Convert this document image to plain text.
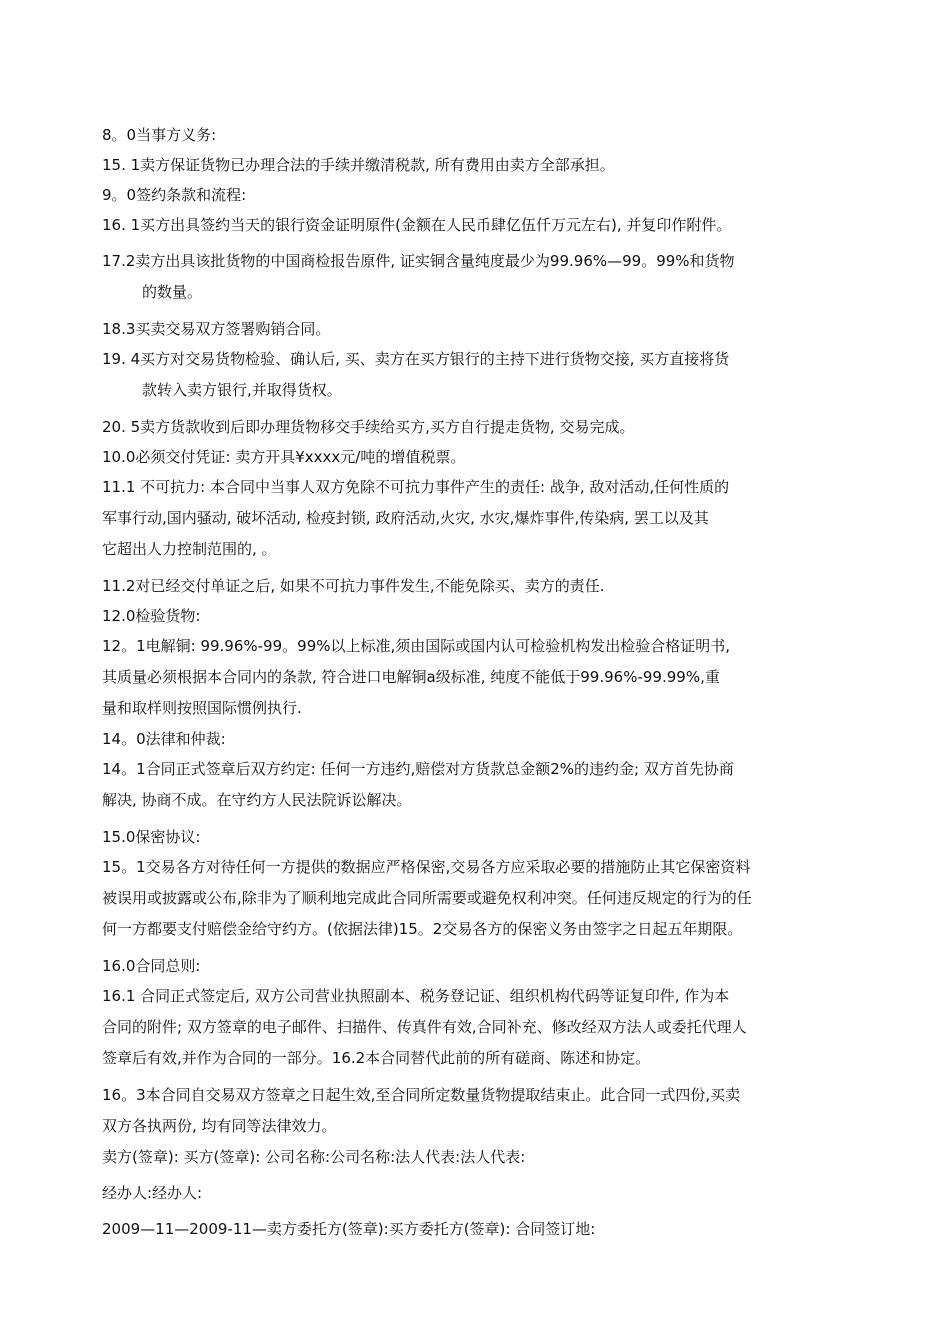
8。0当事方义务:

15. 1卖方保证货物已办理合法的手续并缴清税款, 所有费用由卖方全部承担。

9。0签约条款和流程:

16. 1买方出具签约当天的银行资金证明原件(金额在人民币肆亿伍仟万元左右), 并复印作附件。

17.2卖方出具该批货物的中国商检报告原件, 证实铜含量纯度最少为99.96%—99。99%和货物
的数量。

18.3买卖交易双方签署购销合同。

19. 4买方对交易货物检验、确认后, 买、卖方在买方银行的主持下进行货物交接, 买方直接将货
款转入卖方银行,并取得货权。

20. 5卖方货款收到后即办理货物移交手续给买方,买方自行提走货物, 交易完成。

10.0必须交付凭证: 卖方开具¥xxxx元/吨的增值税票。

11.1 不可抗力: 本合同中当事人双方免除不可抗力事件产生的责任: 战争, 敌对活动,任何性质的
军事行动,国内骚动, 破坏活动, 检疫封锁, 政府活动,火灾, 水灾,爆炸事件,传染病, 罢工以及其
它超出人力控制范围的, 。

11.2对已经交付单证之后, 如果不可抗力事件发生,不能免除买、卖方的责任.

12.0检验货物:

12。1电解铜: 99.96%-99。99%以上标准,须由国际或国内认可检验机构发出检验合格证明书,
其质量必须根据本合同内的条款, 符合进口电解铜a级标准, 纯度不能低于99.96%-99.99%,重
量和取样则按照国际惯例执行.

14。0法律和仲裁:

14。1合同正式签章后双方约定: 任何一方违约,赔偿对方货款总金额2%的违约金; 双方首先协商
解决, 协商不成。在守约方人民法院诉讼解决。

15.0保密协议:

15。1交易各方对待任何一方提供的数据应严格保密,交易各方应采取必要的措施防止其它保密资料
被误用或披露或公布,除非为了顺利地完成此合同所需要或避免权利冲突。任何违反规定的行为的任
何一方都要支付赔偿金给守约方。(依据法律)15。2交易各方的保密义务由签字之日起五年期限。

16.0合同总则:

16.1 合同正式签定后, 双方公司营业执照副本、税务登记证、组织机构代码等证复印件, 作为本
合同的附件; 双方签章的电子邮件、扫描件、传真件有效,合同补充、修改经双方法人或委托代理人
签章后有效,并作为合同的一部分。16.2本合同替代此前的所有磋商、陈述和协定。
16。3本合同自交易双方签章之日起生效,至合同所定数量货物提取结束止。此合同一式四份,买卖
双方各执两份, 均有同等法律效力。

卖方(签章): 买方(签章): 公司名称:公司名称:法人代表:法人代表:

经办人:经办人:

2009—11—2009-11—卖方委托方(签章):买方委托方(签章): 合同签订地:
